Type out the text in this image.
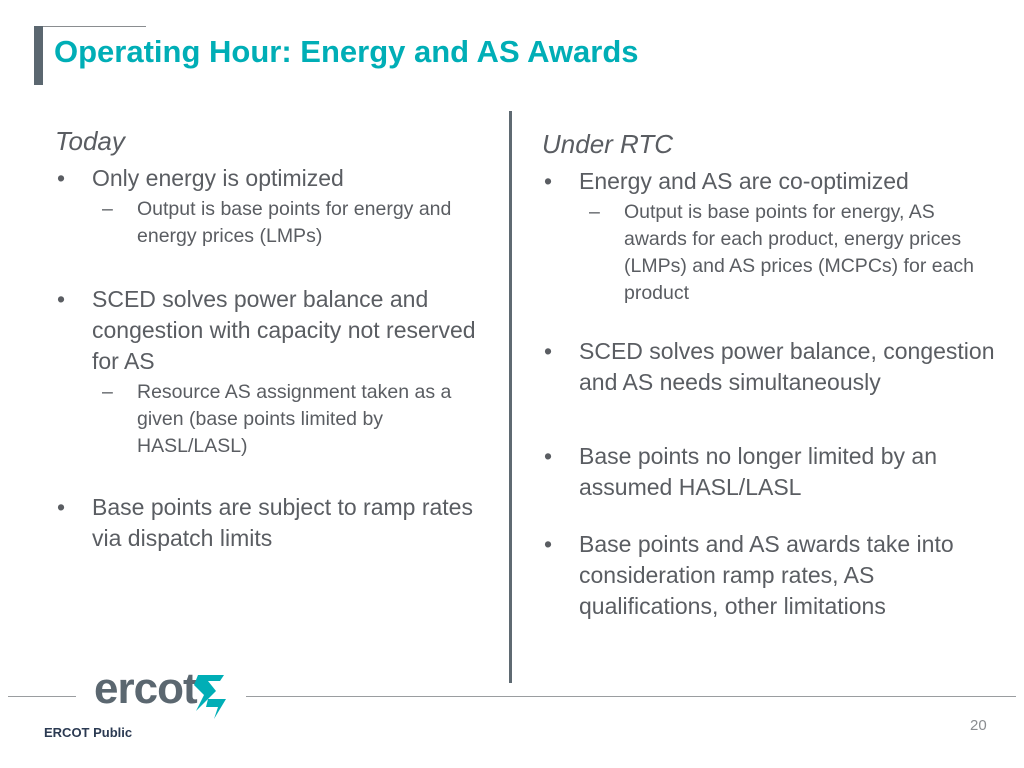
Operating Hour: Energy and AS Awards

Today

• Only energy is optimized
– Output is base points for energy and energy prices (LMPs)
• SCED solves power balance and congestion with capacity not reserved for AS
– Resource AS assignment taken as a given (base points limited by HASL/LASL)
• Base points are subject to ramp rates via dispatch limits

Under RTC

• Energy and AS are co-optimized
– Output is base points for energy, AS awards for each product, energy prices (LMPs) and AS prices (MCPCs) for each product
• SCED solves power balance, congestion and AS needs simultaneously
• Base points no longer limited by an assumed HASL/LASL
• Base points and AS awards take into consideration ramp rates, AS qualifications, other limitations
ercot
ERCOT Public	20
